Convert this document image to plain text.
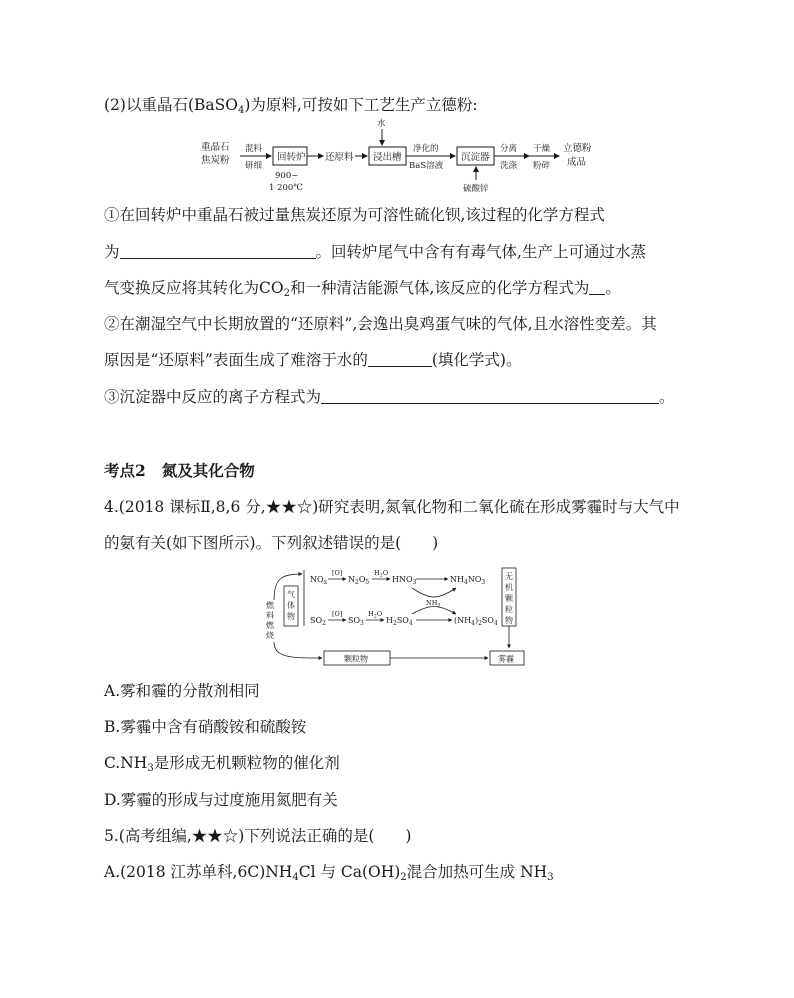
(2)以重晶石(BaSO$_4$)为原料,可按如下工艺生产立德粉:
重晶石
焦炭粉
混料
研细
回转炉
900~
1 200℃
还原料
水
浸出槽
净化的
BaS溶液
沉淀器
硫酸锌
分离
洗涤
干燥
粉碎
立德粉
成品
①在回转炉中重晶石被过量焦炭还原为可溶性硫化钡,该过程的化学方程式
为	。回转炉尾气中含有有毒气体,生产上可通过水蒸
气变换反应将其转化为$CO_2$和一种清洁能源气体,该反应的化学方程式为 。
②在潮湿空气中长期放置的“还原料”,会逸出臭鸡蛋气味的气体,且水溶性变差。其
原因是“还原料”表面生成了难溶于水的	(填化学式)。
③沉淀器中反应的离子方程式为	。
考点2 氮及其化合物
4.(2018 课标Ⅱ,8,6 分,★★☆)研究表明,氮氧化物和二氧化硫在形成雾霾时与大气中
的氨有关(如下图所示)。下列叙述错误的是(　　)
燃
料
燃
烧
$NO_x$
[O]
$N_2O_5$
$H_2O$
$HNO_3$	$NH_4NO_3$
$NH_3$
$SO_2$
[O]
$SO_3$
$H_2O$
$H_2SO_4$	$(NH_4)_2SO_4$
气
体
物
无
机
颗
粒
物
颗粒物	雾霾
A.雾和霾的分散剂相同
B.雾霾中含有硝酸铵和硫酸铵
$C.NH_3$是形成无机颗粒物的催化剂
D.雾霾的形成与过度施用氮肥有关
5.(高考组编,★★☆)下列说法正确的是(　　)
A.(2018 江苏单科$,6C)NH_4Cl$ 与 $Ca(OH)_2$混合加热可生成 $NH_3$
